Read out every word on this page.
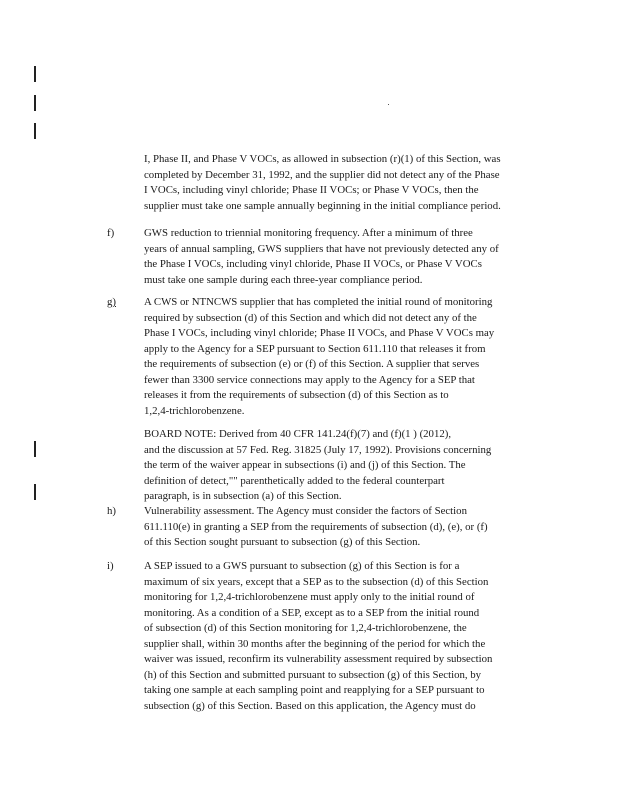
I, Phase II, and Phase V VOCs, as allowed in subsection (r)(1) of this Section, was
completed by December 31, 1992, and the supplier did not detect any of the Phase
I VOCs, including vinyl chloride; Phase II VOCs; or Phase V VOCs, then the
supplier must take one sample annually beginning in the initial compliance period.
f)	GWS reduction to triennial monitoring frequency. After a minimum of three
years of annual sampling, GWS suppliers that have not previously detected any of
the Phase I VOCs, including vinyl chloride, Phase II VOCs, or Phase V VOCs
must take one sample during each three-year compliance period.
g)	A CWS or NTNCWS supplier that has completed the initial round of monitoring
required by subsection (d) of this Section and which did not detect any of the
Phase I VOCs, including vinyl chloride; Phase II VOCs, and Phase V VOCs may
apply to the Agency for a SEP pursuant to Section 611.110 that releases it from
the requirements of subsection (e) or (f) of this Section. A supplier that serves
fewer than 3300 service connections may apply to the Agency for a SEP that
releases it from the requirements of subsection (d) of this Section as to
1,2,4-trichlorobenzene.
BOARD NOTE: Derived from 40 CFR 141.24(f)(7) and (f)(1 ) (2012),
and the discussion at 57 Fed. Reg. 31825 (July 17, 1992). Provisions concerning
the term of the waiver appear in subsections (i) and (j) of this Section. The
definition of detect,"" parenthetically added to the federal counterpart
paragraph, is in subsection (a) of this Section.
h)	Vulnerability assessment. The Agency must consider the factors of Section
611.110(e) in granting a SEP from the requirements of subsection (d), (e), or (f)
of this Section sought pursuant to subsection (g) of this Section.
i)	A SEP issued to a GWS pursuant to subsection (g) of this Section is for a
maximum of six years, except that a SEP as to the subsection (d) of this Section
monitoring for 1,2,4-trichlorobenzene must apply only to the initial round of
monitoring. As a condition of a SEP, except as to a SEP from the initial round
of subsection (d) of this Section monitoring for 1,2,4-trichlorobenzene, the
supplier shall, within 30 months after the beginning of the period for which the
waiver was issued, reconfirm its vulnerability assessment required by subsection
(h) of this Section and submitted pursuant to subsection (g) of this Section, by
taking one sample at each sampling point and reapplying for a SEP pursuant to
subsection (g) of this Section. Based on this application, the Agency must do
